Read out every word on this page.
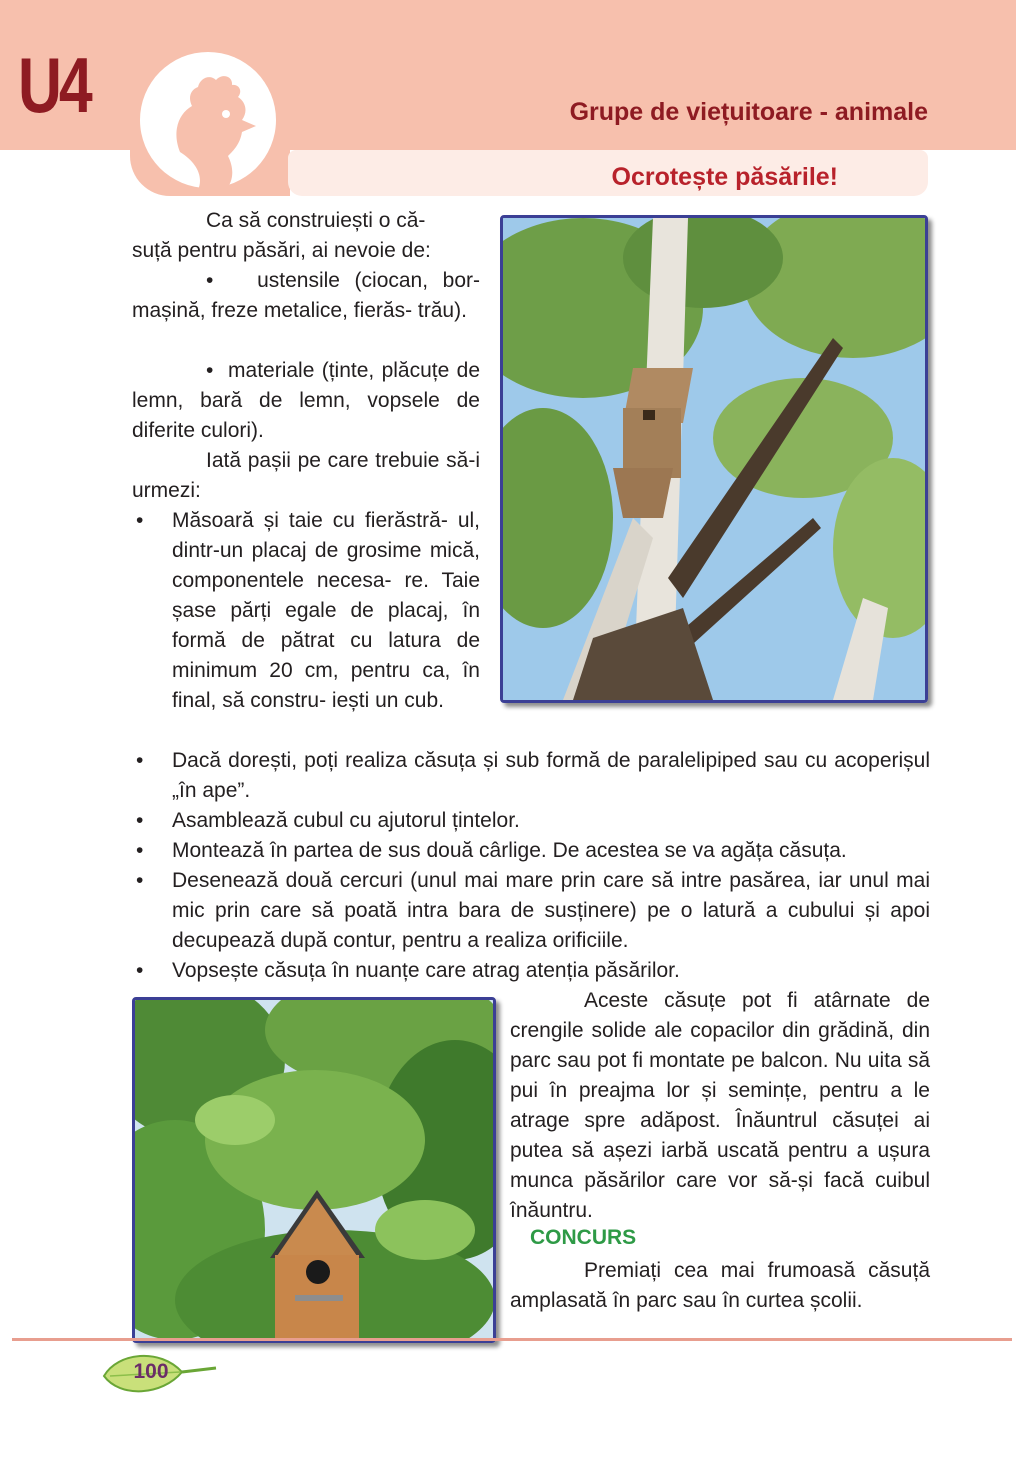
U4	Grupe de viețuitoare - animale
Ocrotește păsările!

Ca să construiești o că-
suță pentru păsări, ai nevoie de:

•   ustensile (ciocan, bor- mașină, freze metalice, fierăs- trău).

•  materiale (ținte, plăcuțe de lemn, bară de lemn, vopsele de diferite culori).

Iată pașii pe care trebuie să-i urmezi:

• Măsoară și taie cu fierăstră- ul, dintr-un placaj de grosime mică, componentele necesa- re. Taie șase părți egale de placaj, în formă de pătrat cu latura de minimum 20 cm, pentru ca, în final, să constru- iești un cub.
• Dacă dorești, poți realiza căsuța și sub formă de paralelipiped sau cu acoperișul „în ape”.
• Asamblează cubul cu ajutorul țintelor.
• Montează în partea de sus două cârlige. De acestea se va agăța căsuța.
• Desenează două cercuri (unul mai mare prin care să intre pasărea, iar unul mai mic prin care să poată intra bara de susținere) pe o latură a cubului și apoi decupează după contur, pentru a realiza orificiile.
• Vopsește căsuța în nuanțe care atrag atenția păsărilor.

Aceste căsuțe pot fi atârnate de crengile solide ale copacilor din grădină, din parc sau pot fi montate pe balcon. Nu uita să pui în preajma lor și semințe, pentru a le atrage spre adăpost. Înăuntrul căsuței ai putea să așezi iarbă uscată pentru a ușura munca păsărilor care vor să-și facă cuibul înăuntru.

CONCURS

Premiați cea mai frumoasă căsuță amplasată în parc sau în curtea școlii.

100
